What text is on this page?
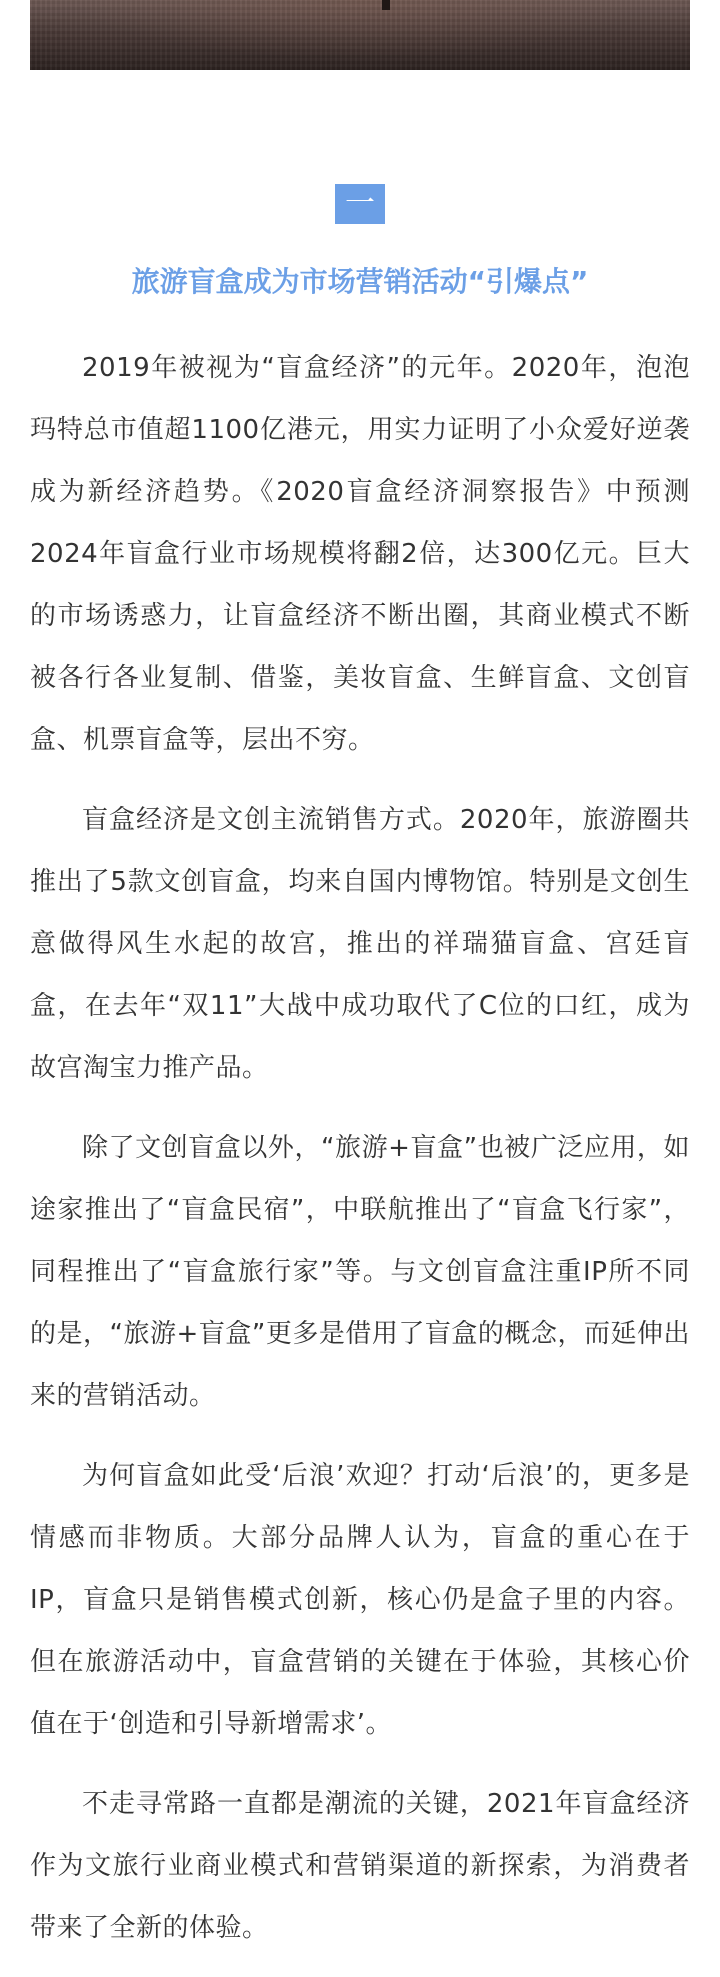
一
旅游盲盒成为市场营销活动“引爆点”

2019年被视为“盲盒经济”的元年。2020年，泡泡玛特总市值超1100亿港元，用实力证明了小众爱好逆袭成为新经济趋势。《2020盲盒经济洞察报告》中预测2024年盲盒行业市场规模将翻2倍，达300亿元。巨大的市场诱惑力，让盲盒经济不断出圈，其商业模式不断被各行各业复制、借鉴，美妆盲盒、生鲜盲盒、文创盲盒、机票盲盒等，层出不穷。

盲盒经济是文创主流销售方式。2020年，旅游圈共推出了5款文创盲盒，均来自国内博物馆。特别是文创生意做得风生水起的故宫，推出的祥瑞猫盲盒、宫廷盲盒，在去年“双11”大战中成功取代了C位的口红，成为故宫淘宝力推产品。

除了文创盲盒以外，“旅游+盲盒”也被广泛应用，如途家推出了“盲盒民宿”，中联航推出了“盲盒飞行家”，同程推出了“盲盒旅行家”等。与文创盲盒注重IP所不同的是，“旅游+盲盒”更多是借用了盲盒的概念，而延伸出来的营销活动。

为何盲盒如此受‘后浪’欢迎？打动‘后浪’的，更多是情感而非物质。大部分品牌人认为，盲盒的重心在于IP，盲盒只是销售模式创新，核心仍是盒子里的内容。但在旅游活动中，盲盒营销的关键在于体验，其核心价值在于‘创造和引导新增需求’。

不走寻常路一直都是潮流的关键，2021年盲盒经济作为文旅行业商业模式和营销渠道的新探索，为消费者带来了全新的体验。
